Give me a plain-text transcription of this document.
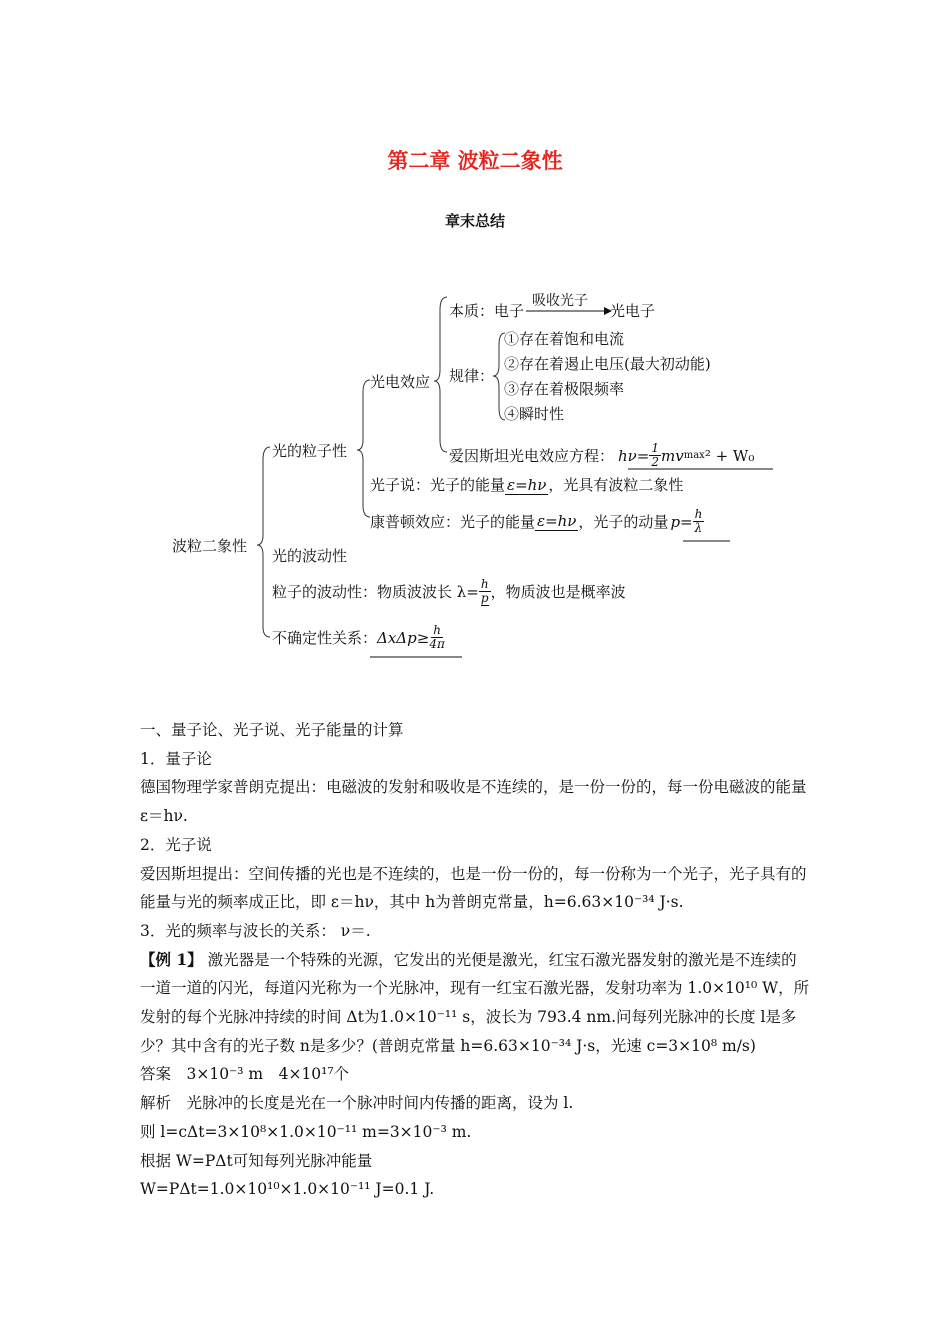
第二章 波粒二象性
章末总结
波粒二象性
光的粒子性
光电效应
本质：电子	光电子
吸收光子
规律：
①存在着饱和电流
②存在着遏止电压(最大初动能)
③存在着极限频率
④瞬时性
爱因斯坦光电效应方程： $h\nu = \frac{1}{2}$ mv max ² + W₀
光子说：光子的能量 ε=hν ，光具有波粒二象性
康普顿效应：光子的能量 ε=hν ，光子的动量 $p= \frac{h}{\lambda}$
光的波动性
粒子的波动性：物质波波长 $\lambda= \frac{h}{p}$ ，物质波也是概率波
不确定性关系： $\Delta x\Delta p\ge \frac{h}{4\pi}$

一、量子论、光子说、光子能量的计算

1．量子论

德国物理学家普朗克提出：电磁波的发射和吸收是不连续的，是一份一份的，每一份电磁波的能量 ε＝hν.

2．光子说

爱因斯坦提出：空间传播的光也是不连续的，也是一份一份的，每一份称为一个光子，光子具有的能量与光的频率成正比，即 ε＝hν，其中 h为普朗克常量，h=6.63×10⁻³⁴ J·s.

3．光的频率与波长的关系： ν＝.

【例 1】 激光器是一个特殊的光源，它发出的光便是激光，红宝石激光器发射的激光是不连续的一道一道的闪光，每道闪光称为一个光脉冲，现有一红宝石激光器，发射功率为 1.0×10¹⁰ W，所发射的每个光脉冲持续的时间 Δt为1.0×10⁻¹¹ s，波长为 793.4 nm.问每列光脉冲的长度 l是多少？其中含有的光子数 n是多少？(普朗克常量 h=6.63×10⁻³⁴ J·s，光速 c=3×10⁸ m/s)

答案　3×10⁻³ m　4×10¹⁷个

解析　光脉冲的长度是光在一个脉冲时间内传播的距离，设为 l.

则 l=cΔt=3×10⁸×1.0×10⁻¹¹ m=3×10⁻³ m.

根据 W=PΔt可知每列光脉冲能量

W=PΔt=1.0×10¹⁰×1.0×10⁻¹¹ J=0.1 J.
